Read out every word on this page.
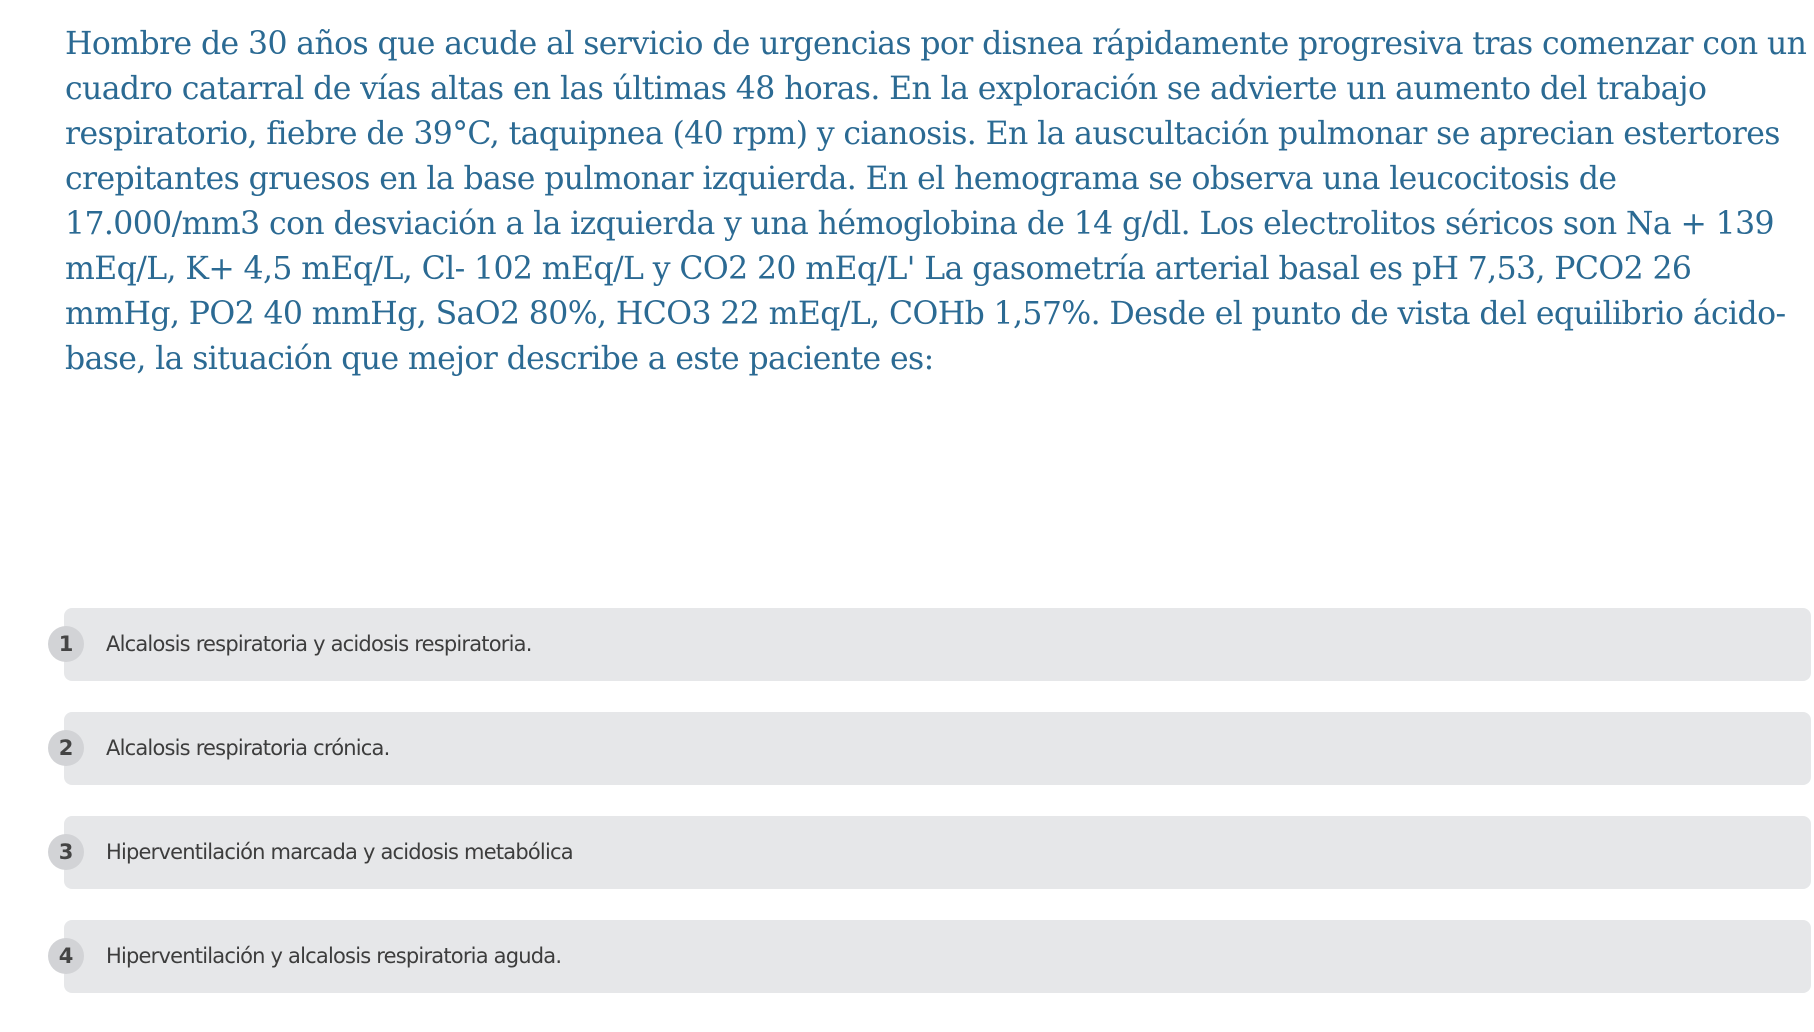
Hombre de 30 años que acude al servicio de urgencias por disnea rápidamente progresiva tras comenzar con un cuadro catarral de vías altas en las últimas 48 horas. En la exploración se advierte un aumento del trabajo respiratorio, fiebre de 39°C, taquipnea (40 rpm) y cianosis. En la auscultación pulmonar se aprecian estertores crepitantes gruesos en la base pulmonar izquierda. En el hemograma se observa una leucocitosis de 17.000/mm3 con desviación a la izquierda y una hémoglobina de 14 g/dl. Los electrolitos séricos son Na + 139 mEq/L, K+ 4,5 mEq/L, Cl- 102 mEq/L y CO2 20 mEq/L' La gasometría arterial basal es pH 7,53, PCO2 26 mmHg, PO2 40 mmHg, SaO2 80%, HCO3 22 mEq/L, COHb 1,57%. Desde el punto de vista del equilibrio ácido-base, la situación que mejor describe a este paciente es:

Alcalosis respiratoria y acidosis respiratoria.
1
Alcalosis respiratoria crónica.
2
Hiperventilación marcada y acidosis metabólica
3
Hiperventilación y alcalosis respiratoria aguda.
4
